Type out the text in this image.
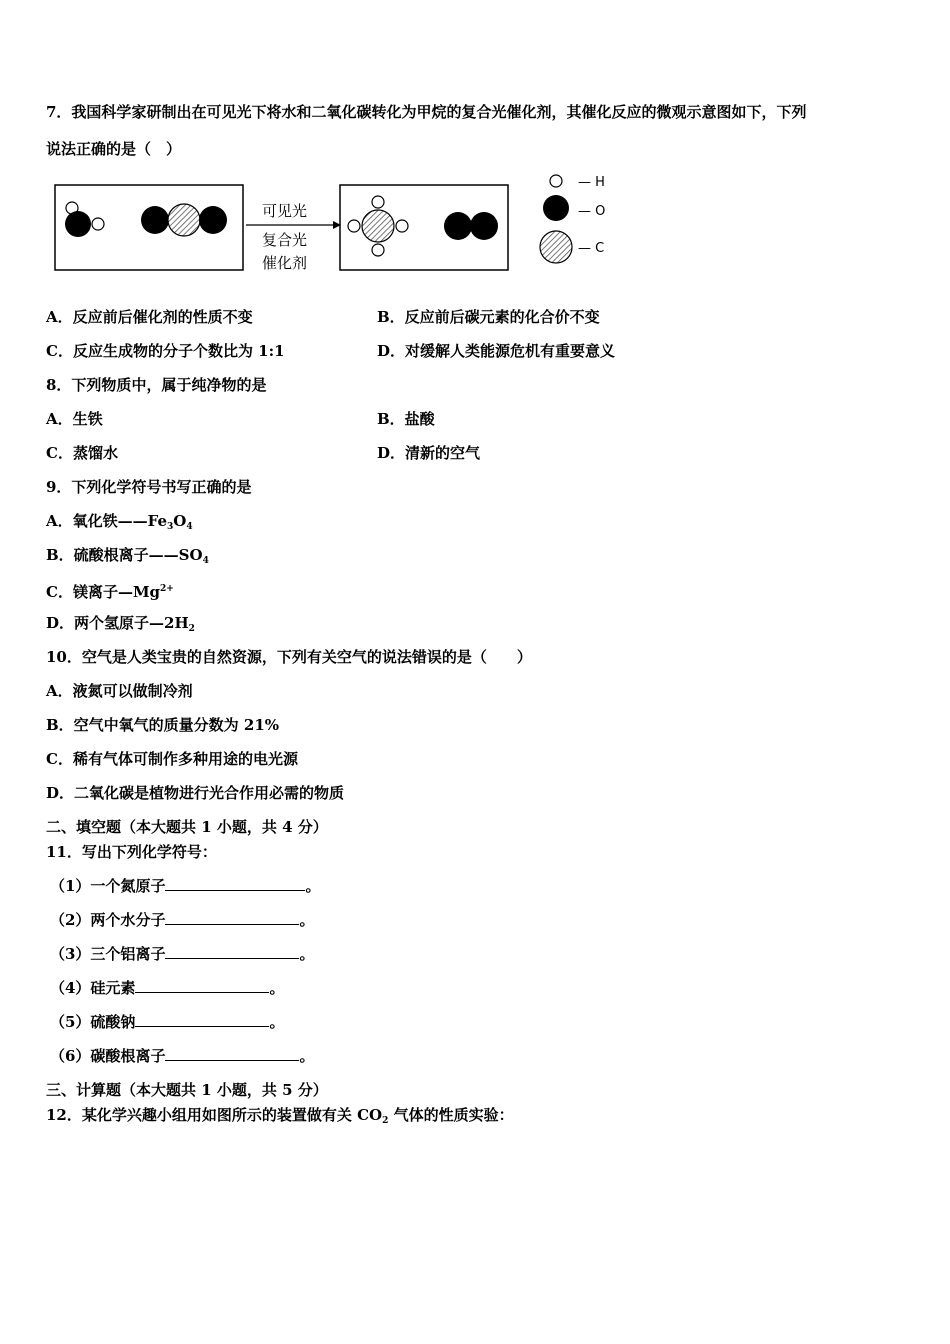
7．我国科学家研制出在可见光下将水和二氧化碳转化为甲烷的复合光催化剂，其催化反应的微观示意图如下，下列
说法正确的是（　）
可见光
复合光
催化剂
— H
— O
— C
A．反应前后催化剂的性质不变	B．反应前后碳元素的化合价不变
C．反应生成物的分子个数比为 1:1	D．对缓解人类能源危机有重要意义
8．下列物质中，属于纯净物的是
A．生铁	B．盐酸
C．蒸馏水	D．清新的空气
9．下列化学符号书写正确的是
A．氧化铁$——Fe_3O_4$
B．硫酸根离子$——SO_4$
C．镁离子$—Mg^{2+}$
D．两个氢原子$—2H_2$
10．空气是人类宝贵的自然资源，下列有关空气的说法错误的是（　　）
A．液氮可以做制冷剂
B．空气中氧气的质量分数为 21%
C．稀有气体可制作多种用途的电光源
D．二氧化碳是植物进行光合作用必需的物质
二、填空题（本大题共 1 小题，共 4 分）
11．写出下列化学符号：
（1）一个氮原子	。
（2）两个水分子	。
（3）三个铝离子	。
（4）硅元素	。
（5）硫酸钠	。
（6）碳酸根离子	。
三、计算题（本大题共 1 小题，共 5 分）
12．某化学兴趣小组用如图所示的装置做有关 $CO_2$ 气体的性质实验：
